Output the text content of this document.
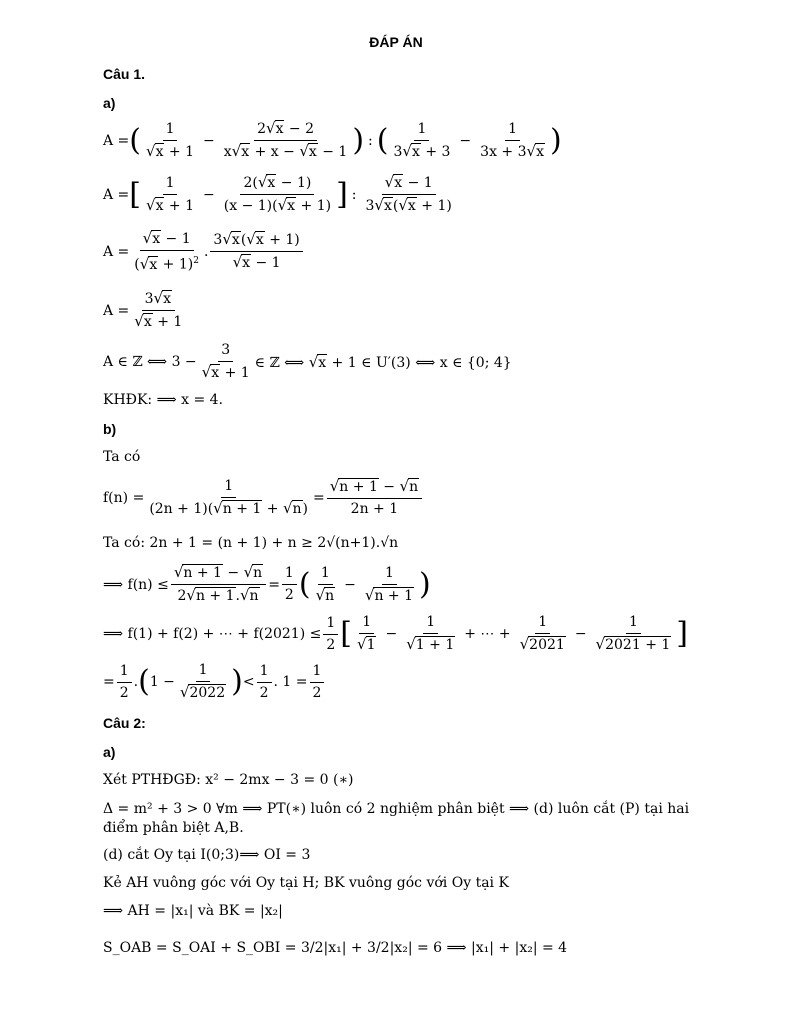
ĐÁP ÁN
Câu 1.
a)
A = ( $\frac{1}{√ x + 1} - \frac{2 √ x - 2}{x √ x + x - √ x - 1}$ ) : ( $\frac{1}{3 √ x + 3} - \frac{1}{3x + 3 √ x}$ )
A = [ $\frac{1}{√ x + 1} - \frac{2( √ x - 1)}{(x - 1)( √ x + 1)}$ ] : $\frac{√ x - 1}{3 √ x ( √ x + 1)}$
$A = \frac{√ x - 1}{( √ x + 1)^2}$ . $\frac{3 √ x ( √ x + 1)}{√ x - 1}$
$A = \frac{3 √ x}{√ x + 1}$
A ∈ ℤ ⟺ $3 - \frac{3}{√ x + 1}$ ∈ ℤ ⟺ √ x + 1 ∈ U′(3) ⟺ x ∈ {0; 4}
KHĐK: ⟹ x = 4.
b)
Ta có
$f(n) = \frac{1}{(2n + 1)( √ n + 1 + √ n )} = \frac{√ n + 1 - √ n}{2n + 1}$
Ta có: 2n + 1 = (n + 1) + n ≥ 2√(n+1).√n
⟹ $f(n) \le \frac{√ n + 1 - √ n}{2 √ n + 1 . √ n} = \frac{1}{2}$ ( $\frac{1}{√ n} - \frac{1}{√ n + 1}$ )
⟹ f(1) + f(2) + ⋯ + $f(2021) \le \frac{1}{2}$ [ $\frac{1}{√ 1} - \frac{1}{√ 1 + 1}$ + ⋯ + $\frac{1}{√ 2021} - \frac{1}{√ 2021 + 1}$ ]
= $\frac{1}{2}$ . ( $1 - \frac{1}{√ 2022}$ ) < $\frac{1}{2}$ . $1 = \frac{1}{2}$
Câu 2:
a)
Xét PTHĐGĐ: x² − 2mx − 3 = 0 (∗)
Δ = m² + 3 > 0 ∀m ⟹ PT(∗) luôn có 2 nghiệm phân biệt ⟹ (d) luôn cắt (P) tại hai điểm phân biệt A,B.
(d) cắt Oy tại I(0;3)⟹ OI = 3
Kẻ AH vuông góc với Oy tại H; BK vuông góc với Oy tại K
⟹ AH = |x₁| và BK = |x₂|
S_OAB = S_OAI + S_OBI = 3/2|x₁| + 3/2|x₂| = 6 ⟹ |x₁| + |x₂| = 4
